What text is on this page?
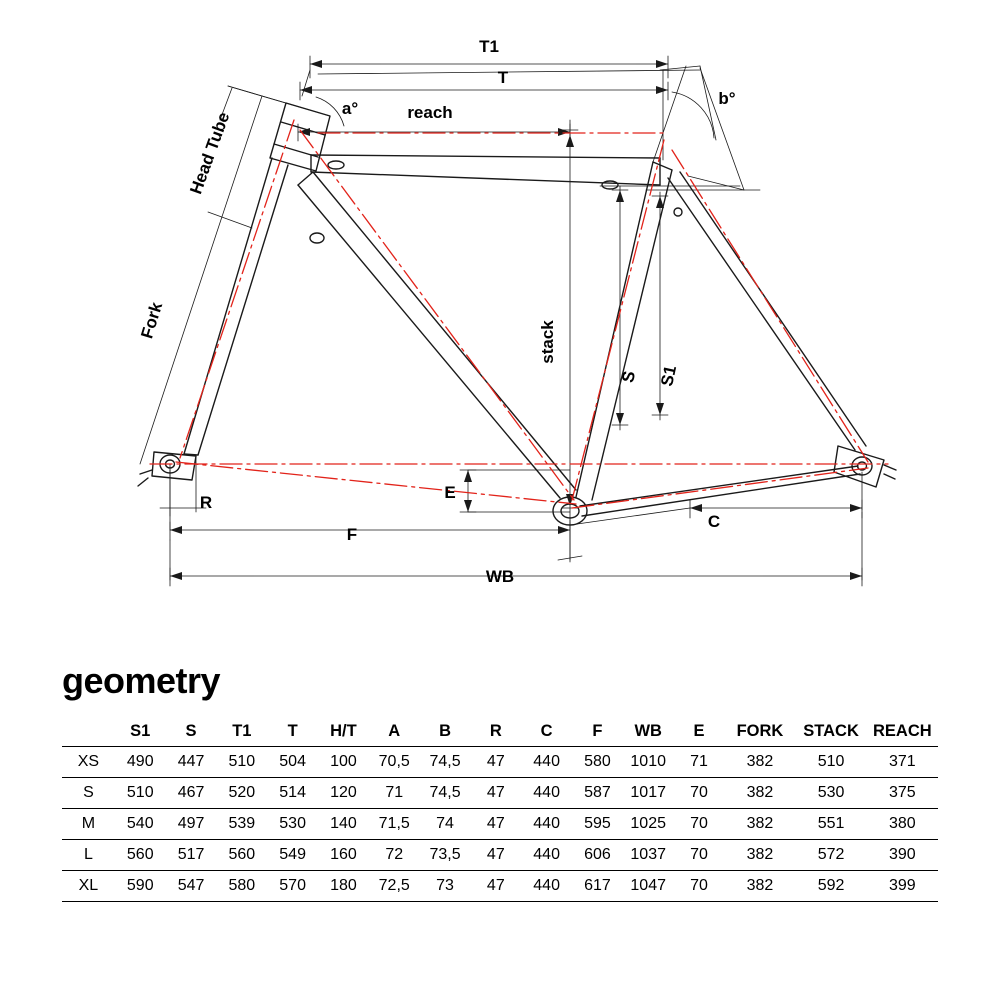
T1
T
reach
a°
b°
stack
Head Tube
Fork
S S1
R
E
F
C
WB
geometry
	S1	S	T1	T	H/T	A	B	R	C	F	WB	E	FORK	STACK	REACH
XS	490	447	510	504	100	70,5	74,5	47	440	580	1010	71	382	510	371
S	510	467	520	514	120	71	74,5	47	440	587	1017	70	382	530	375
M	540	497	539	530	140	71,5	74	47	440	595	1025	70	382	551	380
L	560	517	560	549	160	72	73,5	47	440	606	1037	70	382	572	390
XL	590	547	580	570	180	72,5	73	47	440	617	1047	70	382	592	399
